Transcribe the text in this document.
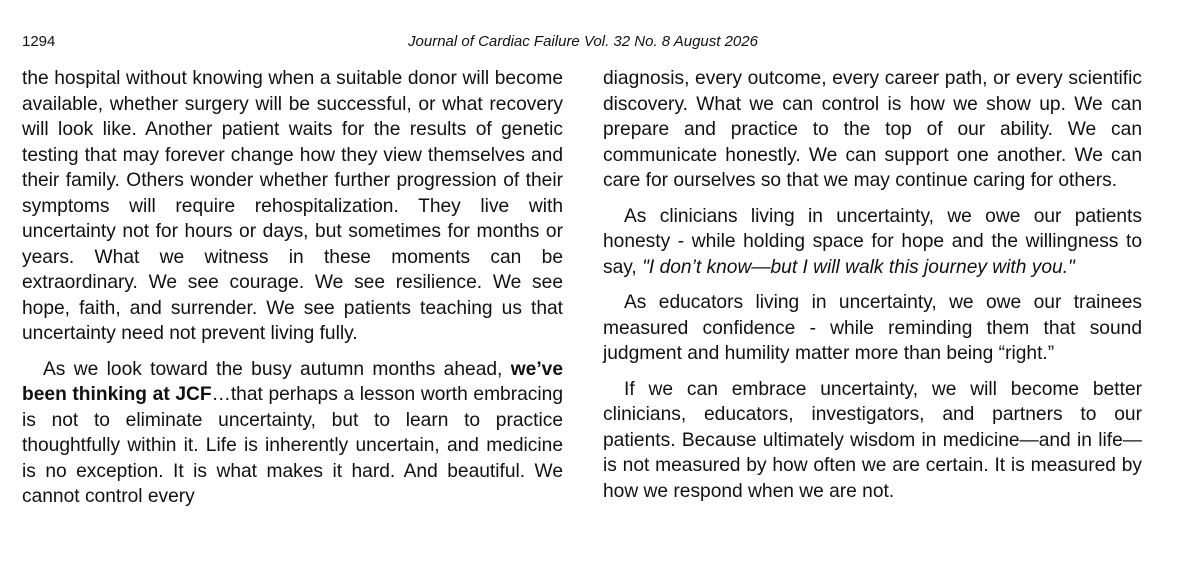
1294	Journal of Cardiac Failure Vol. 32 No. 8 August 2026

the hospital without knowing when a suitable donor will become available, whether surgery will be successful, or what recovery will look like. Another patient waits for the results of genetic testing that may forever change how they view themselves and their family. Others wonder whether further progression of their symptoms will require rehospitalization. They live with uncertainty not for hours or days, but sometimes for months or years. What we witness in these moments can be extraordinary. We see courage. We see resilience. We see hope, faith, and surrender. We see patients teaching us that uncertainty need not prevent living fully.

As we look toward the busy autumn months ahead, we’ve been thinking at JCF…that perhaps a lesson worth embracing is not to eliminate uncertainty, but to learn to practice thoughtfully within it. Life is inherently uncertain, and medicine is no exception. It is what makes it hard. And beautiful. We cannot control every

diagnosis, every outcome, every career path, or every scientific discovery. What we can control is how we show up. We can prepare and practice to the top of our ability. We can communicate honestly. We can support one another. We can care for ourselves so that we may continue caring for others.

As clinicians living in uncertainty, we owe our patients honesty - while holding space for hope and the willingness to say, "I don’t know—but I will walk this journey with you."

As educators living in uncertainty, we owe our trainees measured confidence - while reminding them that sound judgment and humility matter more than being “right.”

If we can embrace uncertainty, we will become better clinicians, educators, investigators, and partners to our patients. Because ultimately wisdom in medicine—and in life—is not measured by how often we are certain. It is measured by how we respond when we are not.
